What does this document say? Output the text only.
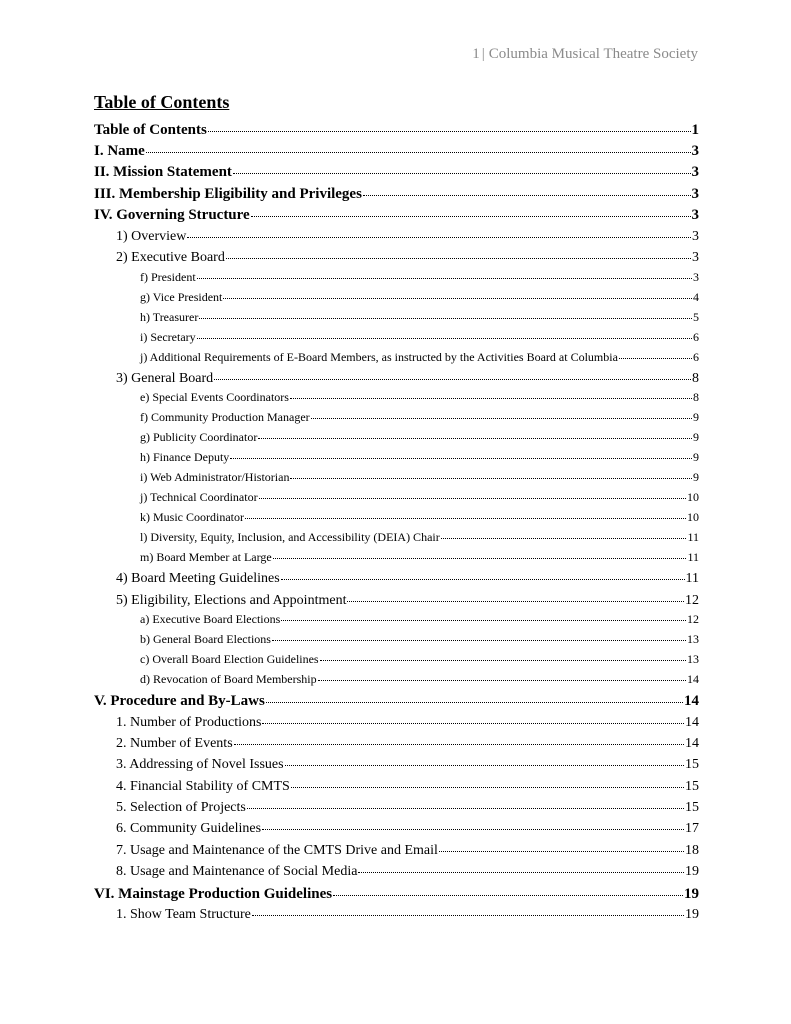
1 | Columbia Musical Theatre Society
Table of Contents
Table of Contents	1
I. Name	3
II. Mission Statement	3
III. Membership Eligibility and Privileges	3
IV. Governing Structure	3
1) Overview	3
2) Executive Board	3
f) President	3
g) Vice President	4
h) Treasurer	5
i) Secretary	6
j) Additional Requirements of E-Board Members, as instructed by the Activities Board at Columbia	6
3) General Board	8
e) Special Events Coordinators	8
f) Community Production Manager	9
g) Publicity Coordinator	9
h) Finance Deputy	9
i) Web Administrator/Historian	9
j) Technical Coordinator	10
k) Music Coordinator	10
l) Diversity, Equity, Inclusion, and Accessibility (DEIA) Chair	11
m) Board Member at Large	11
4) Board Meeting Guidelines	11
5) Eligibility, Elections and Appointment	12
a) Executive Board Elections	12
b) General Board Elections	13
c) Overall Board Election Guidelines	13
d) Revocation of Board Membership	14
V. Procedure and By-Laws	14
1. Number of Productions	14
2. Number of Events	14
3. Addressing of Novel Issues	15
4. Financial Stability of CMTS	15
5. Selection of Projects	15
6. Community Guidelines	17
7. Usage and Maintenance of the CMTS Drive and Email	18
8. Usage and Maintenance of Social Media	19
VI. Mainstage Production Guidelines	19
1. Show Team Structure	19
